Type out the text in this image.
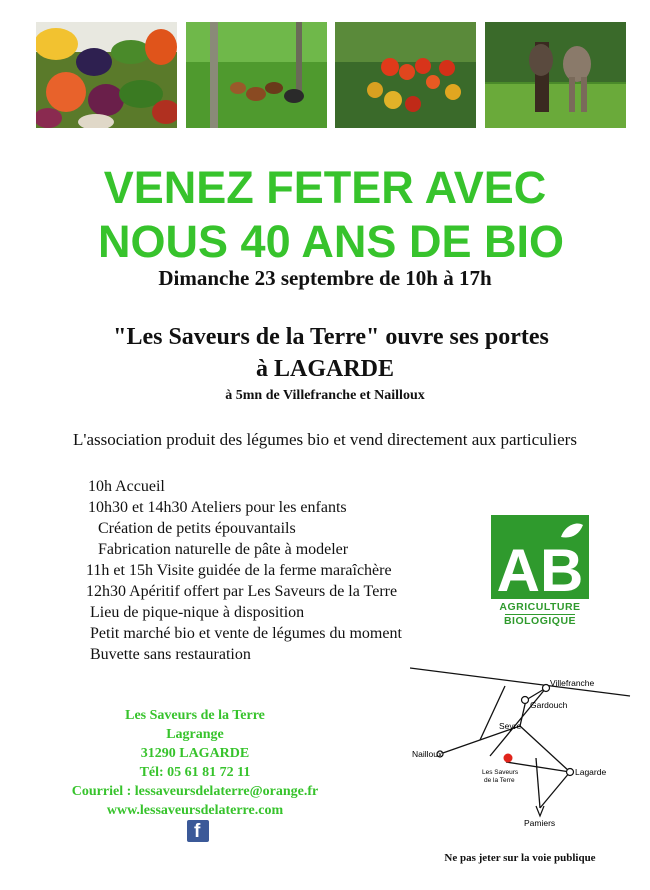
VENEZ FETER AVEC
NOUS 40 ANS DE BIO
Dimanche 23 septembre de 10h à 17h
"Les Saveurs de la Terre" ouvre ses portes
à LAGARDE
à 5mn de Villefranche et Nailloux
L'association produit des légumes bio et vend directement aux particuliers
10h Accueil
10h30 et 14h30 Ateliers pour les enfants
Création de petits épouvantails
Fabrication naturelle de pâte à modeler
11h et 15h Visite guidée de la ferme maraîchère
12h30 Apéritif offert par Les Saveurs de la Terre
Lieu de pique-nique à disposition
Petit marché bio et vente de légumes du moment
Buvette sans restauration
AB
AGRICULTURE
BIOLOGIQUE
Les Saveurs de la Terre
Lagrange
31290 LAGARDE
Tél: 05 61 81 72 11
Courriel : lessaveursdelaterre@orange.fr
www.lessaveursdelaterre.com
f
Villefranche
Gardouch
Seyre
Nailloux
Les Saveurs
de la Terre
Lagarde
Pamiers
Ne pas jeter sur la voie publique
